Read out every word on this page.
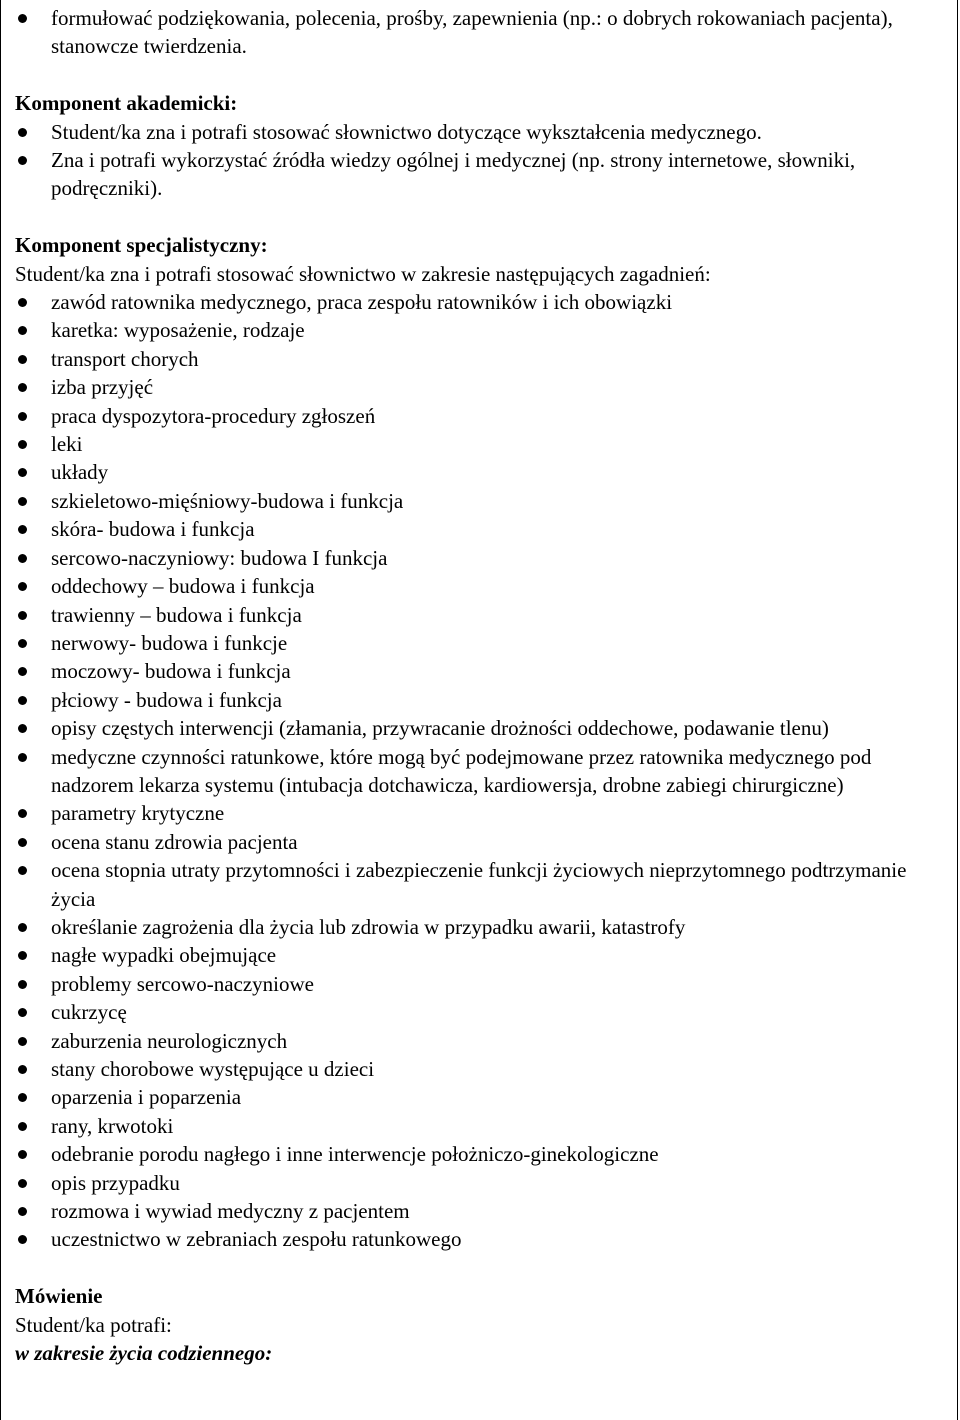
formułować podziękowania, polecenia, prośby, zapewnienia (np.: o dobrych rokowaniach pacjenta), stanowcze twierdzenia.
Komponent akademicki:
Student/ka zna i potrafi stosować słownictwo dotyczące wykształcenia medycznego.
Zna i potrafi wykorzystać źródła wiedzy ogólnej i medycznej (np. strony internetowe, słowniki, podręczniki).
Komponent specjalistyczny:
Student/ka zna i potrafi stosować słownictwo w zakresie następujących zagadnień:
zawód ratownika medycznego, praca zespołu ratowników i ich obowiązki
karetka: wyposażenie, rodzaje
transport chorych
izba przyjęć
praca dyspozytora-procedury zgłoszeń
leki
układy
szkieletowo-mięśniowy-budowa i funkcja
skóra- budowa i funkcja
sercowo-naczyniowy: budowa I funkcja
oddechowy – budowa i funkcja
trawienny – budowa i funkcja
nerwowy- budowa i funkcje
moczowy- budowa i funkcja
płciowy - budowa i funkcja
opisy częstych interwencji (złamania, przywracanie drożności oddechowe, podawanie tlenu)
medyczne czynności ratunkowe, które mogą być podejmowane przez ratownika medycznego pod nadzorem lekarza systemu (intubacja dotchawicza, kardiowersja, drobne zabiegi chirurgiczne)
parametry krytyczne
ocena stanu zdrowia pacjenta
ocena stopnia utraty przytomności i zabezpieczenie funkcji życiowych nieprzytomnego podtrzymanie życia
określanie zagrożenia dla życia lub zdrowia w przypadku awarii, katastrofy
nagłe wypadki obejmujące
problemy sercowo-naczyniowe
cukrzycę
zaburzenia neurologicznych
stany chorobowe występujące u dzieci
oparzenia i poparzenia
rany, krwotoki
odebranie porodu nagłego i inne interwencje położniczo-ginekologiczne
opis przypadku
rozmowa i wywiad medyczny z pacjentem
uczestnictwo w zebraniach zespołu ratunkowego
Mówienie
Student/ka potrafi:
w zakresie życia codziennego:
